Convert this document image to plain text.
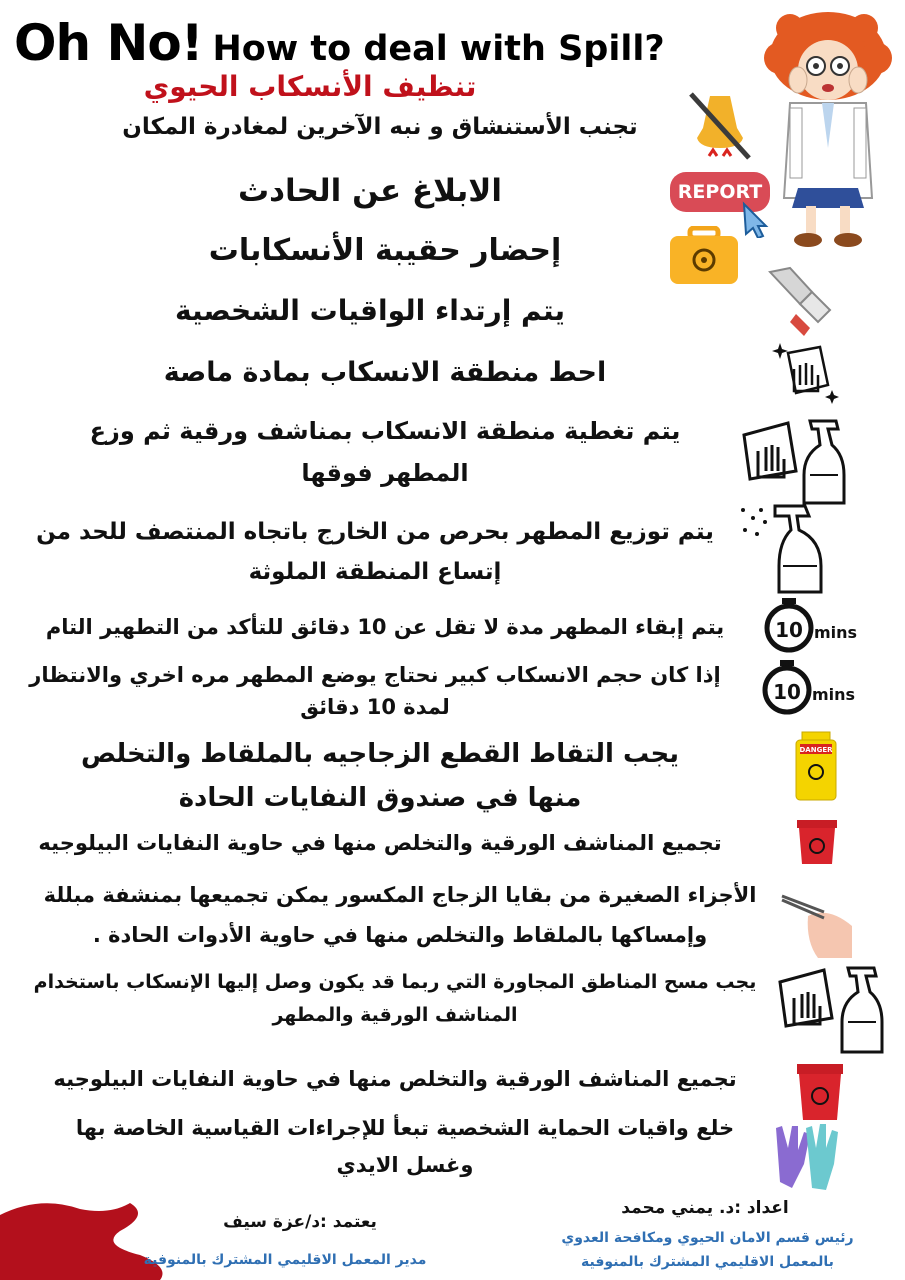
Oh No! How to deal with Spill?
تنظيف الأنسكاب الحيوي
تجنب الأستنشاق و نبه الآخرين لمغادرة المكان
الابلاغ عن الحادث	REPORT
إحضار حقيبة الأنسكابات
يتم إرتداء الواقيات الشخصية
احط منطقة الانسكاب بمادة ماصة
يتم تغطية منطقة الانسكاب بمناشف ورقية ثم وزع المطهر فوقها
يتم توزيع المطهر بحرص من الخارج باتجاه المنتصف للحد من إتساع المنطقة الملوثة
يتم إبقاء المطهر مدة لا تقل عن 10 دقائق للتأكد من التطهير التام	10 mins
إذا كان حجم الانسكاب كبير نحتاج يوضع المطهر مره اخري والانتظار لمدة 10 دقائق
10 mins
يجب التقاط القطع الزجاجيه بالملقاط والتخلص منها في صندوق النفايات الحادة
DANGER
تجميع المناشف الورقية والتخلص منها في حاوية النفايات البيلوجيه
الأجزاء الصغيرة من بقايا الزجاج المكسور يمكن تجميعها بمنشفة مبللة وإمساكها بالملقاط والتخلص منها في حاوية الأدوات الحادة .
يجب مسح المناطق المجاورة التي ربما قد يكون وصل إليها الإنسكاب باستخدام المناشف الورقية والمطهر
تجميع المناشف الورقية والتخلص منها في حاوية النفايات البيلوجيه
خلع واقيات الحماية الشخصية تبعأ للإجراءات القياسية الخاصة بها وغسل الايدي
يعتمد :د/عزة سيف
مدير المعمل الاقليمي المشترك بالمنوفية
اعداد :د. يمني محمد
رئيس قسم الامان الحيوي ومكافحة العدوي
بالمعمل الاقليمي المشترك بالمنوفية
